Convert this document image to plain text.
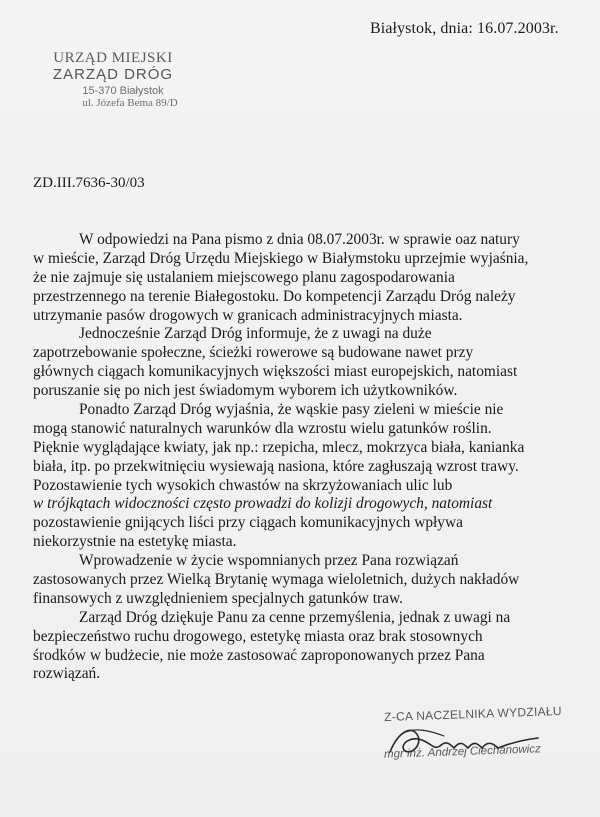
Białystok, dnia: 16.07.2003r.
URZĄD MIEJSKI
ZARZĄD DRÓG
15-370 Białystok
ul. Józefa Bema 89/D
ZD.III.7636-30/03
W odpowiedzi na Pana pismo z dnia 08.07.2003r. w sprawie oaz natury
w mieście, Zarząd Dróg Urzędu Miejskiego w Białymstoku uprzejmie wyjaśnia,
że nie zajmuje się ustalaniem miejscowego planu zagospodarowania
przestrzennego na terenie Białegostoku. Do kompetencji Zarządu Dróg należy
utrzymanie pasów drogowych w granicach administracyjnych miasta.
Jednocześnie Zarząd Dróg informuje, że z uwagi na duże
zapotrzebowanie społeczne, ścieżki rowerowe są budowane nawet przy
głównych ciągach komunikacyjnych większości miast europejskich, natomiast
poruszanie się po nich jest świadomym wyborem ich użytkowników.
Ponadto Zarząd Dróg wyjaśnia, że wąskie pasy zieleni w mieście nie
mogą stanowić naturalnych warunków dla wzrostu wielu gatunków roślin.
Pięknie wyglądające kwiaty, jak np.: rzepicha, mlecz, mokrzyca biała, kanianka
biała, itp. po przekwitnięciu wysiewają nasiona, które zagłuszają wzrost trawy.
Pozostawienie tych wysokich chwastów na skrzyżowaniach ulic lub
w trójkątach widoczności często prowadzi do kolizji drogowych, natomiast
pozostawienie gnijących liści przy ciągach komunikacyjnych wpływa
niekorzystnie na estetykę miasta.
Wprowadzenie w życie wspomnianych przez Pana rozwiązań
zastosowanych przez Wielką Brytanię wymaga wieloletnich, dużych nakładów
finansowych z uwzględnieniem specjalnych gatunków traw.
Zarząd Dróg dziękuje Panu za cenne przemyślenia, jednak z uwagi na
bezpieczeństwo ruchu drogowego, estetykę miasta oraz brak stosownych
środków w budżecie, nie może zastosować zaproponowanych przez Pana
rozwiązań.
Z-CA NACZELNIKA WYDZIAŁU
mgr inż. Andrzej Ciechanowicz
